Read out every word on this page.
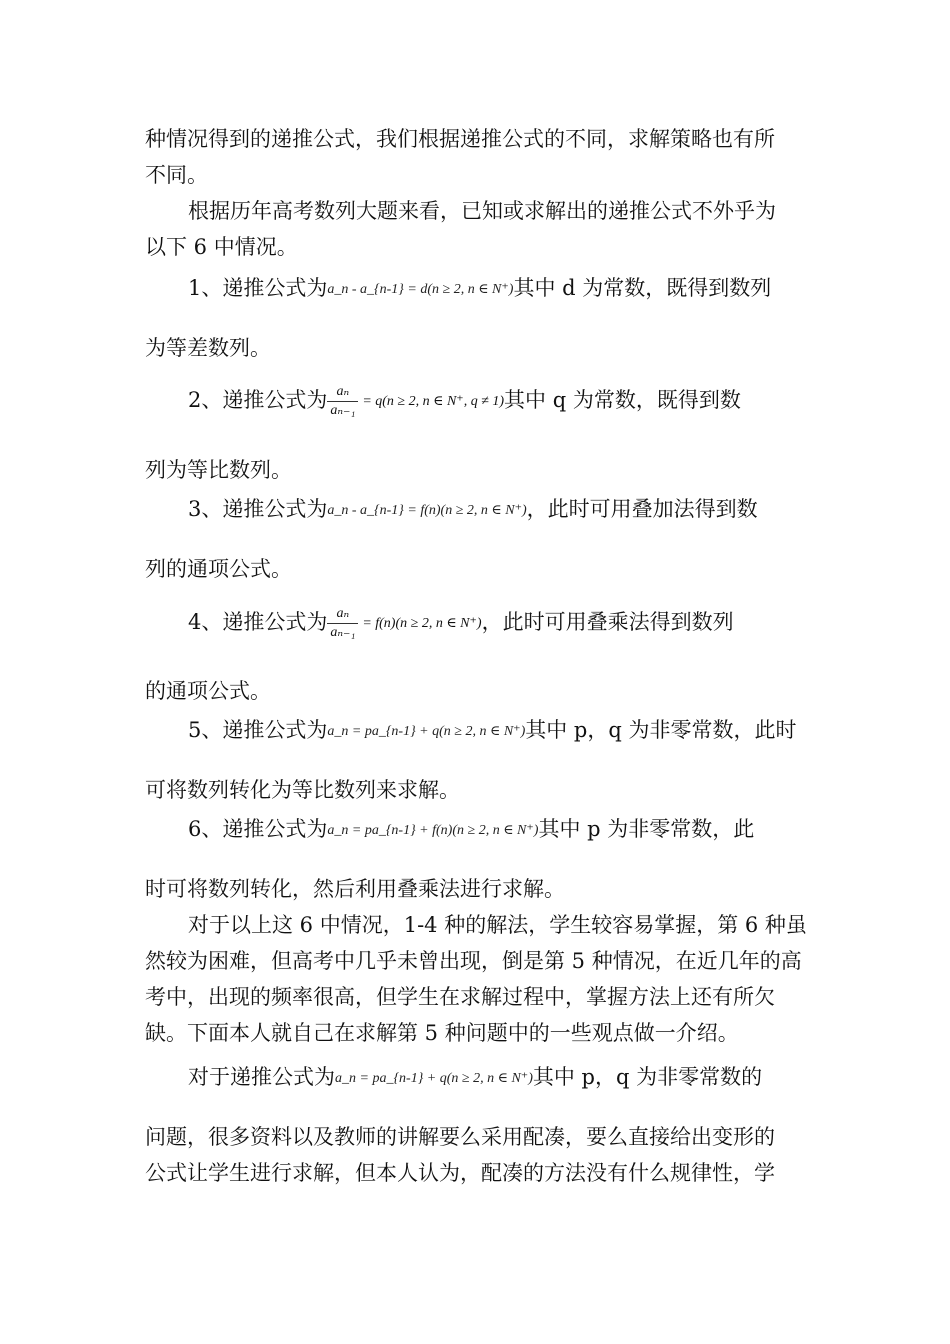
种情况得到的递推公式，我们根据递推公式的不同，求解策略也有所
不同。
根据历年高考数列大题来看，已知或求解出的递推公式不外乎为
以下 6 中情况。
1、递推公式为a_n - a_{n-1} = d(n ≥ 2, n ∈ N⁺)其中 d 为常数，既得到数列
为等差数列。
2、递推公式为 $\frac{\text{aₙ}}{\text{aₙ₋₁}} = q(n \ge 2$, n ∈ N⁺, q ≠ 1)其中 q 为常数，既得到数
列为等比数列。
3、递推公式为a_n - a_{n-1} = f(n)(n ≥ 2, n ∈ N⁺)，此时可用叠加法得到数
列的通项公式。
4、递推公式为 $\frac{\text{aₙ}}{\text{aₙ₋₁}} = f(n)(n \ge 2$, n ∈ N⁺)，此时可用叠乘法得到数列
的通项公式。
5、递推公式为a_n = pa_{n-1} + q(n ≥ 2, n ∈ N⁺)其中 p，q 为非零常数，此时
可将数列转化为等比数列来求解。
6、递推公式为a_n = pa_{n-1} + f(n)(n ≥ 2, n ∈ N⁺)其中 p 为非零常数，此
时可将数列转化，然后利用叠乘法进行求解。
对于以上这 6 中情况，1-4 种的解法，学生较容易掌握，第 6 种虽
然较为困难，但高考中几乎未曾出现，倒是第 5 种情况，在近几年的高
考中，出现的频率很高，但学生在求解过程中，掌握方法上还有所欠
缺。下面本人就自己在求解第 5 种问题中的一些观点做一介绍。
对于递推公式为a_n = pa_{n-1} + q(n ≥ 2, n ∈ N⁺)其中 p，q 为非零常数的
问题，很多资料以及教师的讲解要么采用配凑，要么直接给出变形的
公式让学生进行求解，但本人认为，配凑的方法没有什么规律性，学
